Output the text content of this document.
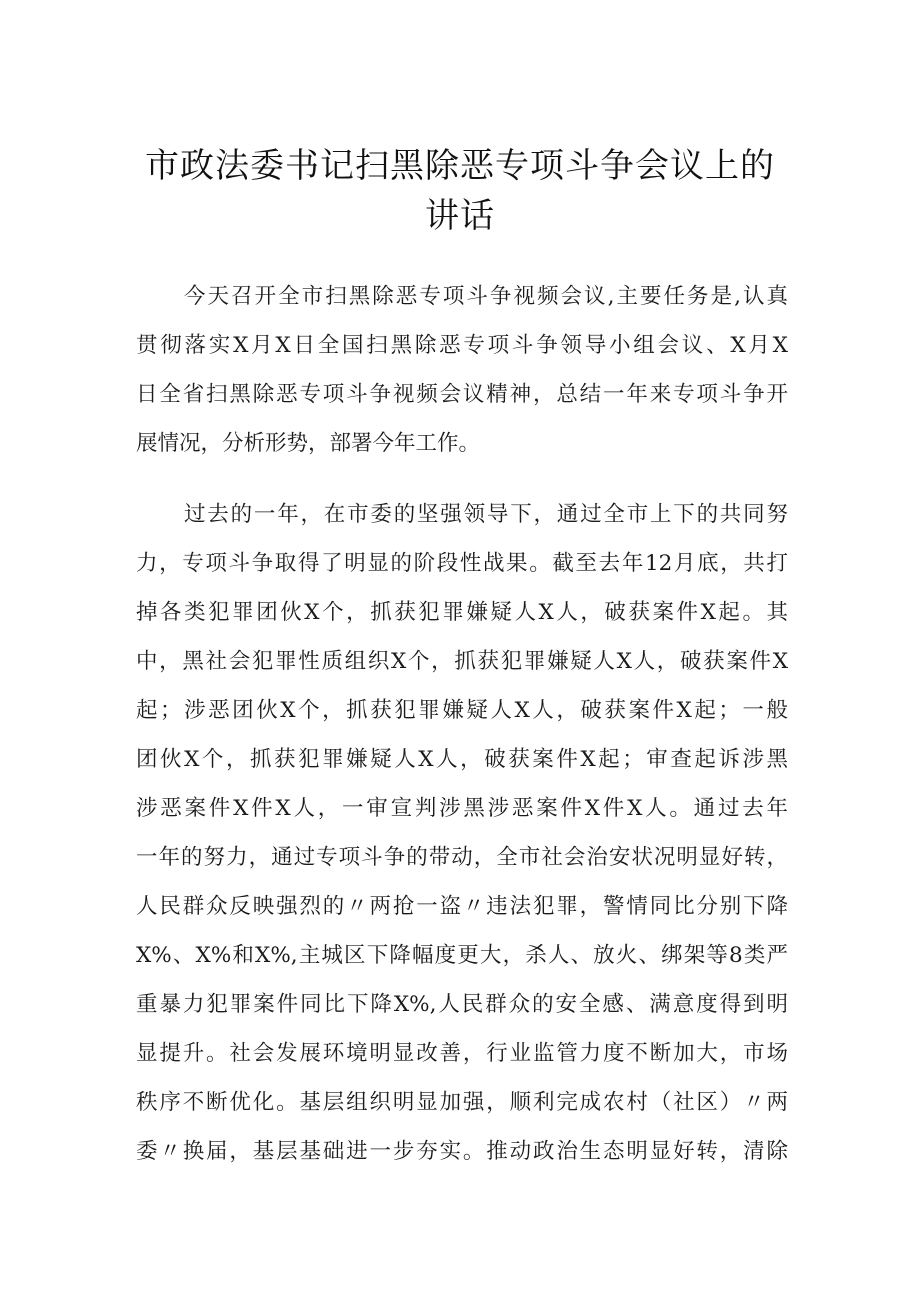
市政法委书记扫黑除恶专项斗争会议上的
讲话
今天召开全市扫黑除恶专项斗争视频会议,主要任务是,认真
贯彻落实X月X日全国扫黑除恶专项斗争领导小组会议、X月X
日全省扫黑除恶专项斗争视频会议精神，总结一年来专项斗争开
展情况，分析形势，部署今年工作。
过去的一年，在市委的坚强领导下，通过全市上下的共同努
力，专项斗争取得了明显的阶段性战果。截至去年12月底，共打
掉各类犯罪团伙X个，抓获犯罪嫌疑人X人，破获案件X起。其
中，黑社会犯罪性质组织X个，抓获犯罪嫌疑人X人，破获案件X
起；涉恶团伙X个，抓获犯罪嫌疑人X人，破获案件X起；一般
团伙X个，抓获犯罪嫌疑人X人，破获案件X起；审查起诉涉黑
涉恶案件X件X人，一审宣判涉黑涉恶案件X件X人。通过去年
一年的努力，通过专项斗争的带动，全市社会治安状况明显好转，
人民群众反映强烈的〃两抢一盗〃违法犯罪，警情同比分别下降
X%、X%和X%,主城区下降幅度更大，杀人、放火、绑架等8类严
重暴力犯罪案件同比下降X%,人民群众的安全感、满意度得到明
显提升。社会发展环境明显改善，行业监管力度不断加大，市场
秩序不断优化。基层组织明显加强，顺利完成农村（社区）〃两
委〃换届，基层基础进一步夯实。推动政治生态明显好转，清除
